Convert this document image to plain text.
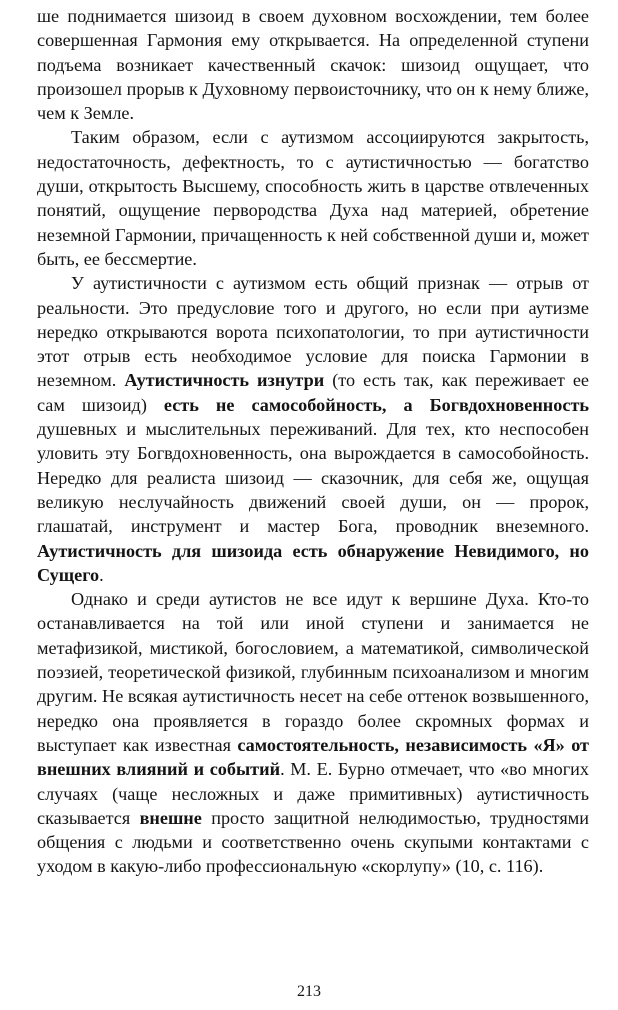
ше поднимается шизоид в своем духовном восхождении, тем более совершенная Гармония ему открывается. На определенной ступени подъема возникает качественный скачок: шизоид ощущает, что произошел прорыв к Духовному первоисточнику, что он к нему ближе, чем к Земле.

Таким образом, если с аутизмом ассоциируются закрытость, недостаточность, дефектность, то с аутистичностью — богатство души, открытость Высшему, способность жить в царстве отвлеченных понятий, ощущение первородства Духа над материей, обретение неземной Гармонии, причащенность к ней собственной души и, может быть, ее бессмертие.

У аутистичности с аутизмом есть общий признак — отрыв от реальности. Это предусловие того и другого, но если при аутизме нередко открываются ворота психопатологии, то при аутистичности этот отрыв есть необходимое условие для поиска Гармонии в неземном. Аутистичность изнутри (то есть так, как переживает ее сам шизоид) есть не самособойность, а Богвдохновенность душевных и мыслительных переживаний. Для тех, кто неспособен уловить эту Богвдохновенность, она вырождается в самособойность. Нередко для реалиста шизоид — сказочник, для себя же, ощущая великую неслучайность движений своей души, он — пророк, глашатай, инструмент и мастер Бога, проводник внеземного. Аутистичность для шизоида есть обнаружение Невидимого, но Сущего.

Однако и среди аутистов не все идут к вершине Духа. Кто-то останавливается на той или иной ступени и занимается не метафизикой, мистикой, богословием, а математикой, символической поэзией, теоретической физикой, глубинным психоанализом и многим другим. Не всякая аутистичность несет на себе оттенок возвышенного, нередко она проявляется в гораздо более скромных формах и выступает как известная самостоятельность, независимость «Я» от внешних влияний и событий. М. Е. Бурно отмечает, что «во многих случаях (чаще несложных и даже примитивных) аутистичность сказывается внешне просто защитной нелюдимостью, трудностями общения с людьми и соответственно очень скупыми контактами с уходом в какую-либо профессиональную «скорлупу» (10, с. 116).

213
